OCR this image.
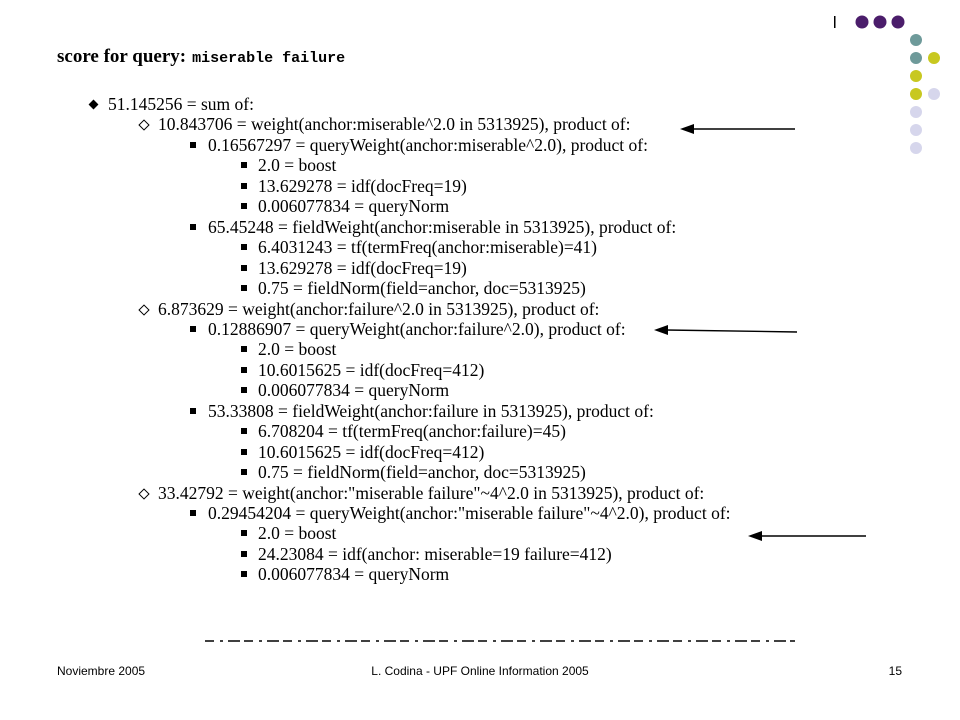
score for query: miserable failure
51.145256 = sum of:
10.843706 = weight(anchor:miserable^2.0 in 5313925), product of:
0.16567297 = queryWeight(anchor:miserable^2.0), product of:
2.0 = boost
13.629278 = idf(docFreq=19)
0.006077834 = queryNorm
65.45248 = fieldWeight(anchor:miserable in 5313925), product of:
6.4031243 = tf(termFreq(anchor:miserable)=41)
13.629278 = idf(docFreq=19)
0.75 = fieldNorm(field=anchor, doc=5313925)
6.873629 = weight(anchor:failure^2.0 in 5313925), product of:
0.12886907 = queryWeight(anchor:failure^2.0), product of:
2.0 = boost
10.6015625 = idf(docFreq=412)
0.006077834 = queryNorm
53.33808 = fieldWeight(anchor:failure in 5313925), product of:
6.708204 = tf(termFreq(anchor:failure)=45)
10.6015625 = idf(docFreq=412)
0.75 = fieldNorm(field=anchor, doc=5313925)
33.42792 = weight(anchor:"miserable failure"~4^2.0 in 5313925), product of:
0.29454204 = queryWeight(anchor:"miserable failure"~4^2.0), product of:
2.0 = boost
24.23084 = idf(anchor: miserable=19 failure=412)
0.006077834 = queryNorm
Noviembre 2005	L. Codina - UPF Online Information 2005	15
